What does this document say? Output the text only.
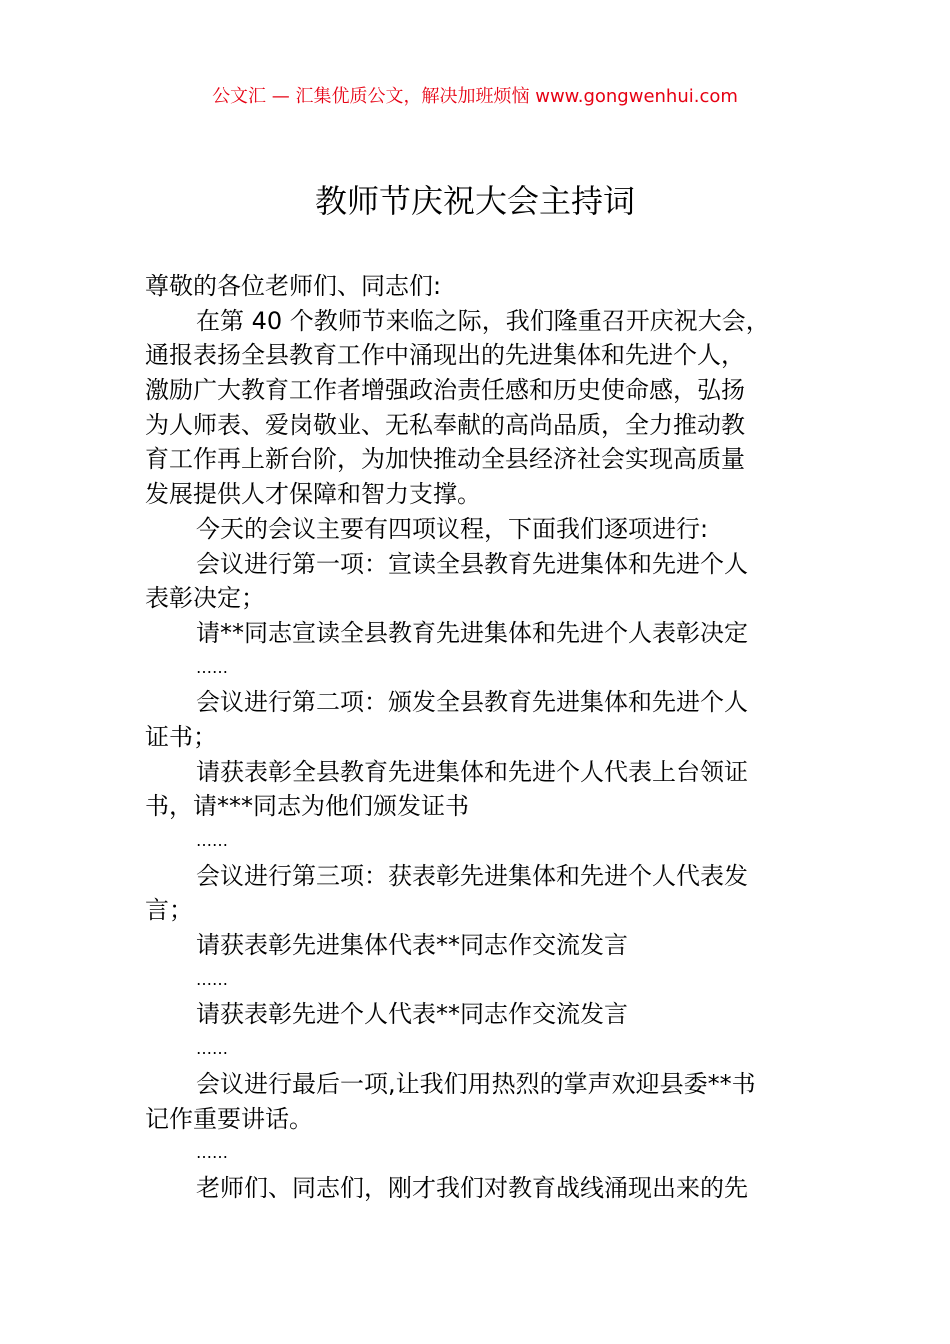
公文汇 — 汇集优质公文，解决加班烦恼 www.gongwenhui.com
教师节庆祝大会主持词
尊敬的各位老师们、同志们:
在第 40 个教师节来临之际，我们隆重召开庆祝大会，
通报表扬全县教育工作中涌现出的先进集体和先进个人，
激励广大教育工作者增强政治责任感和历史使命感，弘扬
为人师表、爱岗敬业、无私奉献的高尚品质，全力推动教
育工作再上新台阶，为加快推动全县经济社会实现高质量
发展提供人才保障和智力支撑。
今天的会议主要有四项议程，下面我们逐项进行:
会议进行第一项：宣读全县教育先进集体和先进个人
表彰决定；
请**同志宣读全县教育先进集体和先进个人表彰决定
……
会议进行第二项：颁发全县教育先进集体和先进个人
证书；
请获表彰全县教育先进集体和先进个人代表上台领证
书，请***同志为他们颁发证书
……
会议进行第三项：获表彰先进集体和先进个人代表发
言；
请获表彰先进集体代表**同志作交流发言
……
请获表彰先进个人代表**同志作交流发言
……
会议进行最后一项,让我们用热烈的掌声欢迎县委**书
记作重要讲话。
……
老师们、同志们，刚才我们对教育战线涌现出来的先
